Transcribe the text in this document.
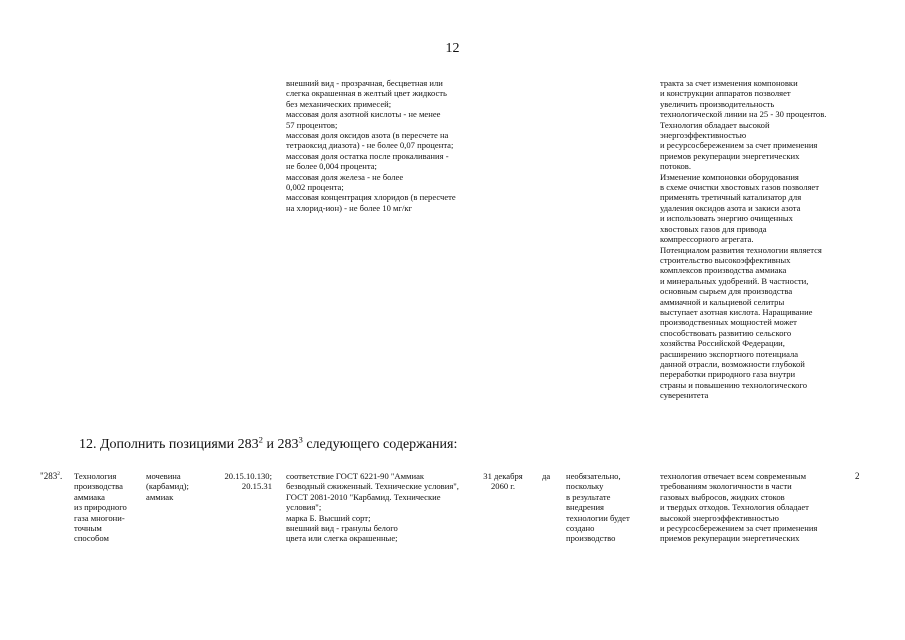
12
внешний вид - прозрачная, бесцветная или
слегка окрашенная в желтый цвет жидкость
без механических примесей;
массовая доля азотной кислоты - не менее
57 процентов;
массовая доля оксидов азота (в пересчете на
тетраоксид диазота) - не более 0,07 процента;
массовая доля остатка после прокаливания -
не более 0,004 процента;
массовая доля железа - не более
0,002 процента;
массовая концентрация хлоридов (в пересчете
на хлорид-ион) - не более 10 мг/кг
тракта за счет изменения компоновки
и конструкции аппаратов позволяет
увеличить производительность
технологической линии на 25 - 30 процентов.
Технология обладает высокой
энергоэффективностью
и ресурсосбережением за счет применения
приемов рекуперации энергетических
потоков.
Изменение компоновки оборудования
в схеме очистки хвостовых газов позволяет
применять третичный катализатор для
удаления оксидов азота и закиси азота
и использовать энергию очищенных
хвостовых газов для привода
компрессорного агрегата.
Потенциалом развития технологии является
строительство высокоэффективных
комплексов производства аммиака
и минеральных удобрений. В частности,
основным сырьем для производства
аммиачной и кальциевой селитры
выступает азотная кислота. Наращивание
производственных мощностей может
способствовать развитию сельского
хозяйства Российской Федерации,
расширению экспортного потенциала
данной отрасли, возможности глубокой
переработки природного газа внутри
страны и повышению технологического
суверенитета
12. Дополнить позициями $283^2$ и $283^3$ следующего содержания:
"$283^2$. Технология
производства
аммиака
из природного
газа многони-
точным
способом
мочевина
(карбамид);
аммиак
20.15.10.130;
20.15.31
соответствие ГОСТ 6221-90 "Аммиак
безводный сжиженный. Технические условия",
ГОСТ 2081-2010 "Карбамид. Технические
условия";
марка Б. Высший сорт;
внешний вид - гранулы белого
цвета или слегка окрашенные;
31 декабря
2060 г.
да необязательно,
поскольку
в результате
внедрения
технологии будет
создано
производство
технология отвечает всем современным
требованиям экологичности в части
газовых выбросов, жидких стоков
и твердых отходов. Технология обладает
высокой энергоэффективностью
и ресурсосбережением за счет применения
приемов рекуперации энергетических
2
